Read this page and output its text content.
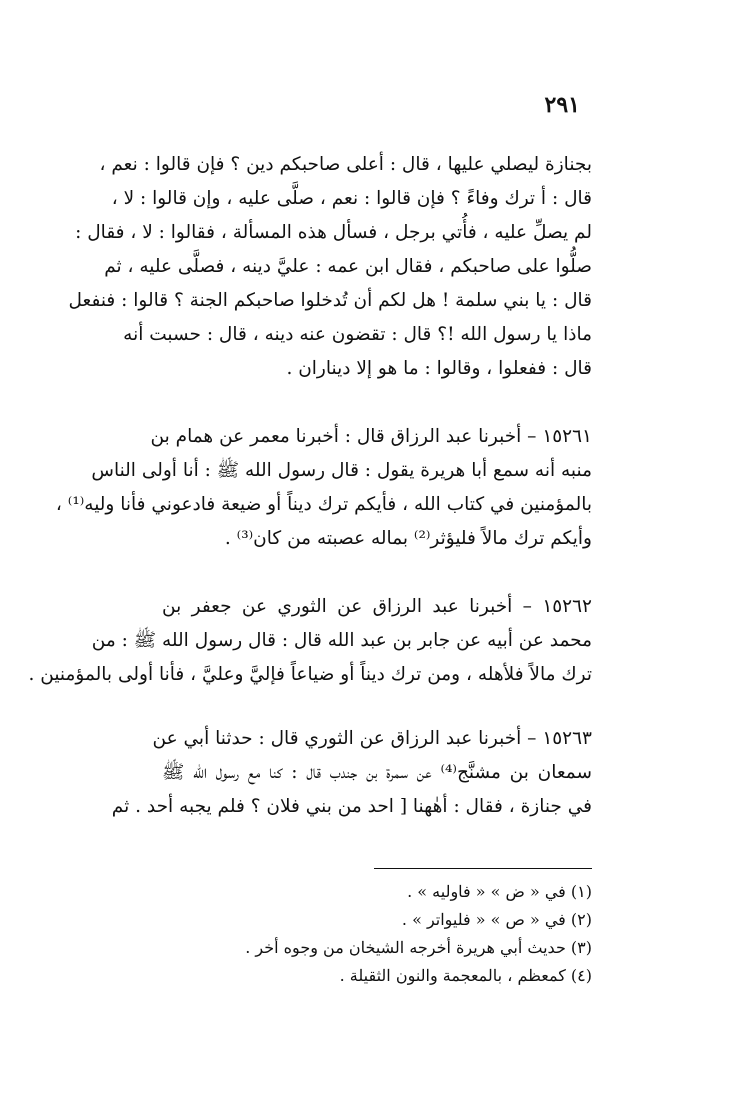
٢٩١
بجنازة ليصلي عليها ، قال : أعلى صاحبكم دين ؟ فإن قالوا : نعم ،
قال : أ ترك وفاءً ؟ فإن قالوا : نعم ، صلَّى عليه ، وإن قالوا : لا ،
لم يصلِّ عليه ، فأُتي برجل ، فسأل هذه المسألة ، فقالوا : لا ، فقال :
صلُّوا على صاحبكم ، فقال ابن عمه : عليَّ دينه ، فصلَّى عليه ، ثم
قال : يا بني سلمة ! هل لكم أن تُدخلوا صاحبكم الجنة ؟ قالوا : فنفعل
ماذا يا رسول الله !؟ قال : تقضون عنه دينه ، قال : حسبت أنه
قال : ففعلوا ، وقالوا : ما هو إلا ديناران .
١٥٢٦١ – أخبرنا عبد الرزاق قال : أخبرنا معمر عن همام بن
منبه أنه سمع أبا هريرة يقول : قال رسول الله ﷺ : أنا أولى الناس
بالمؤمنين في كتاب الله ، فأيكم ترك ديناً أو ضيعة فادعوني فأنا وليه⁽¹⁾ ،
وأيكم ترك مالاً فليؤثر⁽²⁾ بماله عصبته من كان⁽³⁾ .
١٥٢٦٢ – أخبرنا عبد الرزاق عن الثوري عن جعفر بن
محمد عن أبيه عن جابر بن عبد الله قال : قال رسول الله ﷺ : من
ترك مالاً فلأهله ، ومن ترك ديناً أو ضياعاً فإليَّ وعليَّ ، فأنا أولى بالمؤمنين .
١٥٢٦٣ – أخبرنا عبد الرزاق عن الثوري قال : حدثنا أبي عن
سمعان بن مشنَّج⁽⁴⁾ عن سمرة بن جندب قال : كنا مع رسول الله ﷺ
في جنازة ، فقال : أهٰهنا [ احد من بني فلان ؟ فلم يجبه أحد . ثم
(١) في « ض » « فاوليه » .
(٢) في « ص » « فليواتر » .
(٣) حديث أبي هريرة أخرجه الشيخان من وجوه أخر .
(٤) كمعظم ، بالمعجمة والنون الثقيلة .
